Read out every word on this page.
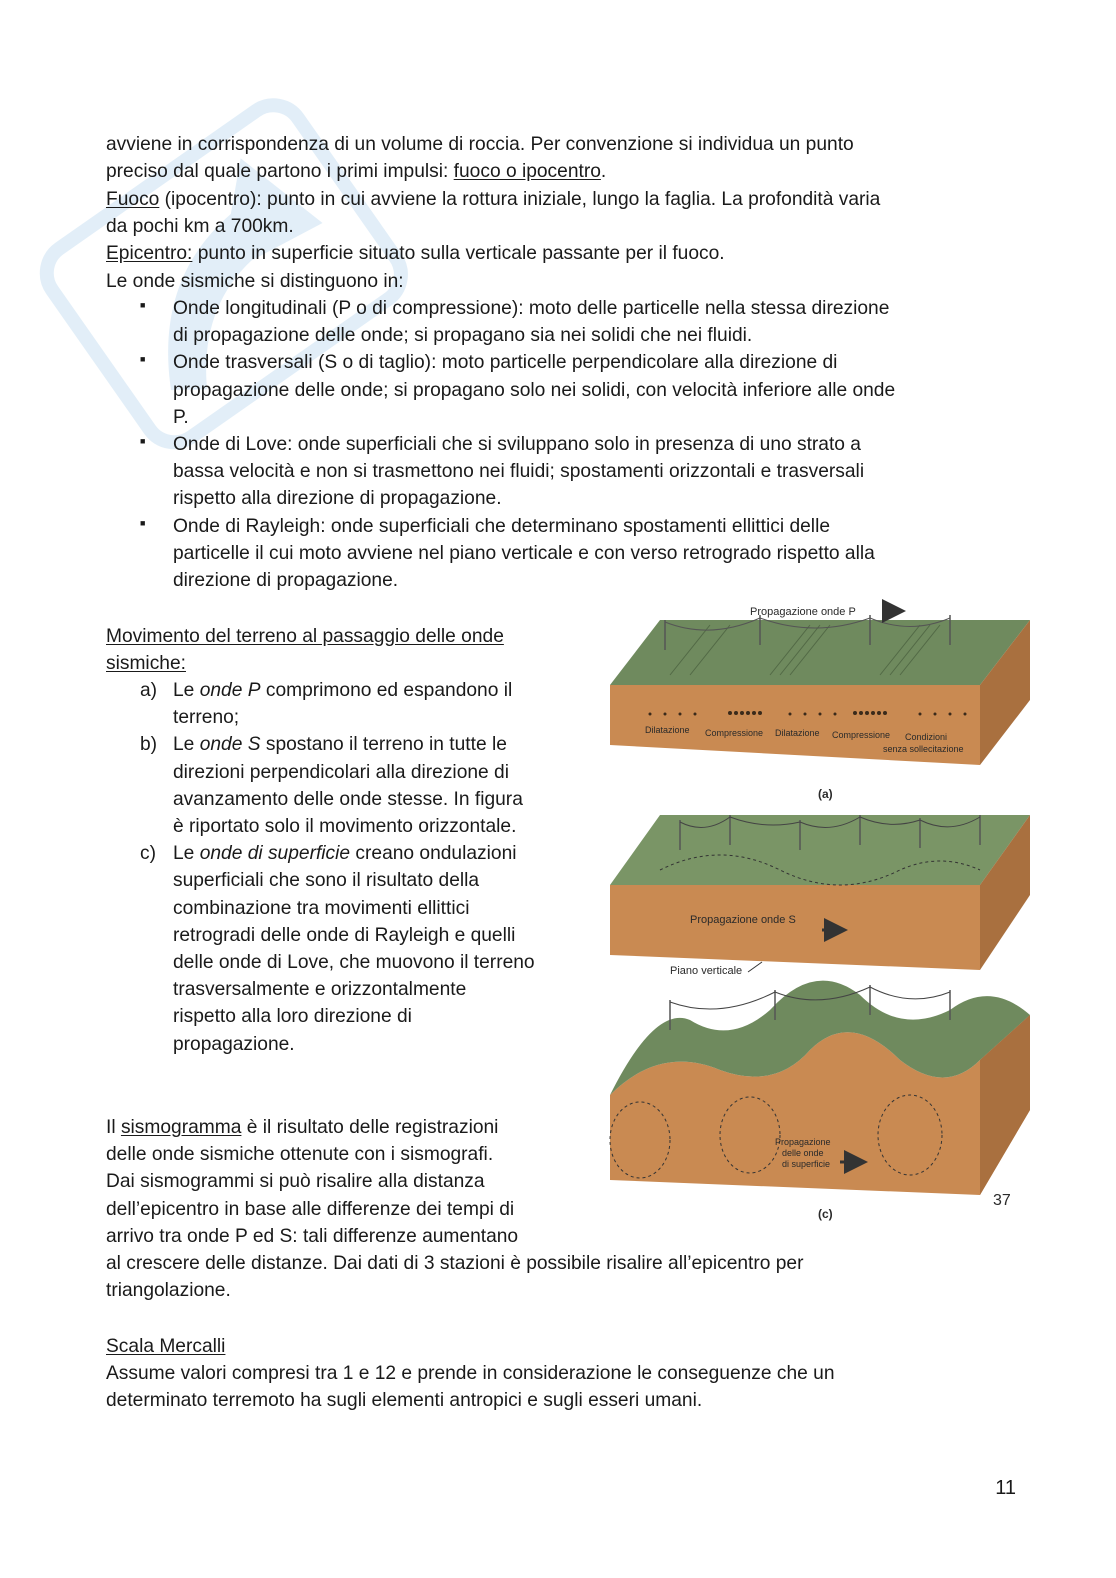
avviene in corrispondenza di un volume di roccia. Per convenzione si individua un punto
preciso dal quale partono i primi impulsi: fuoco o ipocentro.
Fuoco (ipocentro): punto in cui avviene la rottura iniziale, lungo la faglia. La profondità varia
da pochi km a 700km.
Epicentro: punto in superficie situato sulla verticale passante per il fuoco.
Le onde sismiche si distinguono in:
■ Onde longitudinali (P o di compressione): moto delle particelle nella stessa direzione
di propagazione delle onde; si propagano sia nei solidi che nei fluidi.
■ Onde trasversali (S o di taglio): moto particelle perpendicolare alla direzione di
propagazione delle onde; si propagano solo nei solidi, con velocità inferiore alle onde
P.
■ Onde di Love: onde superficiali che si sviluppano solo in presenza di uno strato a
bassa velocità e non si trasmettono nei fluidi; spostamenti orizzontali e trasversali
rispetto alla direzione di propagazione.
■ Onde di Rayleigh: onde superficiali che determinano spostamenti ellittici delle
particelle il cui moto avviene nel piano verticale e con verso retrogrado rispetto alla
direzione di propagazione.
Movimento del terreno al passaggio delle onde
sismiche:
a) Le onde P comprimono ed espandono il
terreno;
b) Le onde S spostano il terreno in tutte le
direzioni perpendicolari alla direzione di
avanzamento delle onde stesse. In figura
è riportato solo il movimento orizzontale.
c) Le onde di superficie creano ondulazioni
superficiali che sono il risultato della
combinazione tra movimenti ellittici
retrogradi delle onde di Rayleigh e quelli
delle onde di Love, che muovono il terreno
trasversalmente e orizzontalmente
rispetto alla loro direzione di
propagazione.
Il sismogramma è il risultato delle registrazioni
delle onde sismiche ottenute con i sismografi.
Dai sismogrammi si può risalire alla distanza
dell’epicentro in base alle differenze dei tempi di
arrivo tra onde P ed S: tali differenze aumentano
al crescere delle distanze. Dai dati di 3 stazioni è possibile risalire all’epicentro per
triangolazione.
Scala Mercalli
Assume valori compresi tra 1 e 12 e prende in considerazione le conseguenze che un
determinato terremoto ha sugli elementi antropici e sugli esseri umani.
Propagazione onde P
Dilatazione Compressione Dilatazione Compressione Condizioni
senza sollecitazione
(a)
Propagazione onde S
Piano verticale
Propagazione
delle onde
di superficie
(c)
37
11
